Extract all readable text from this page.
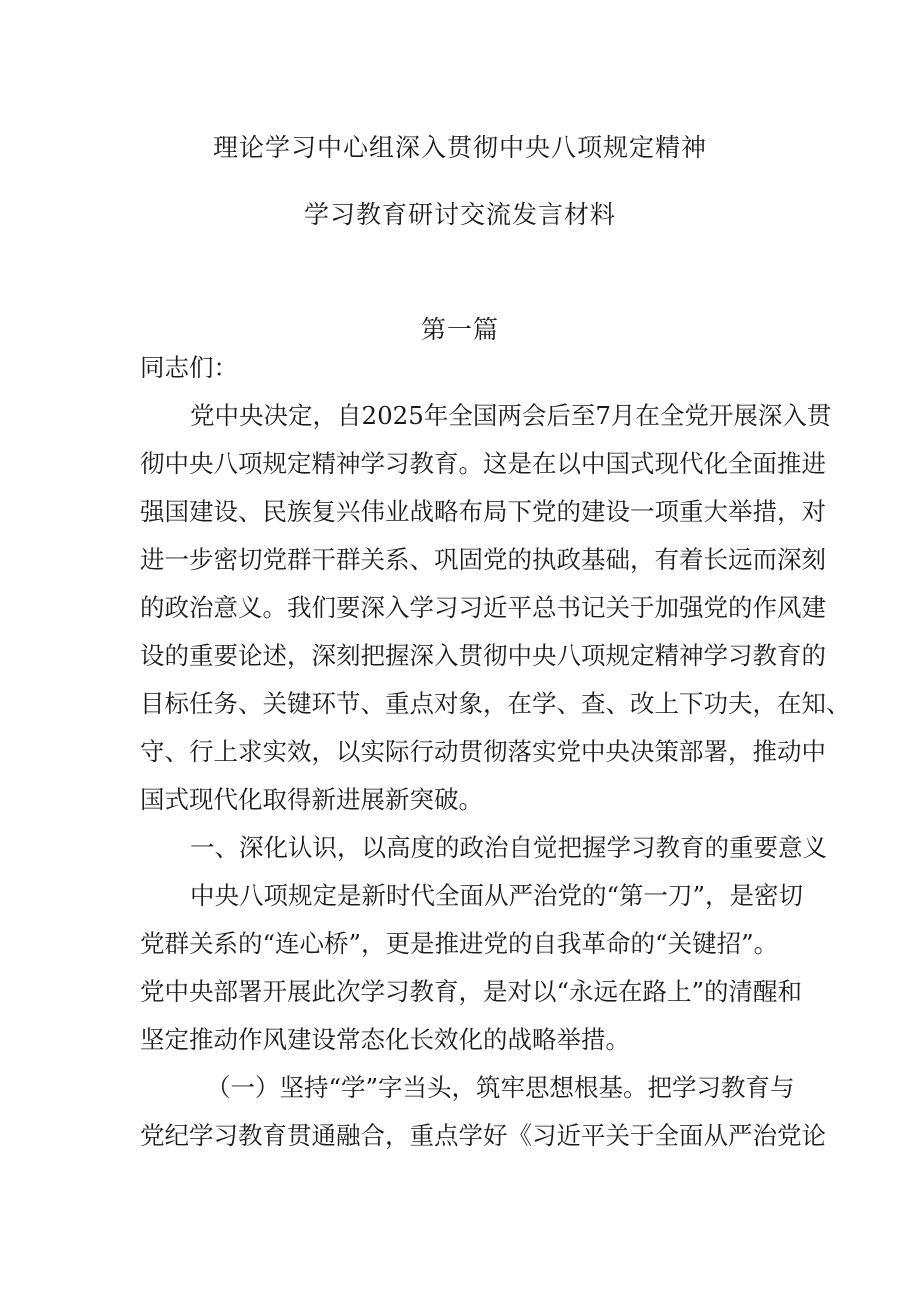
理论学习中心组深入贯彻中央八项规定精神
学习教育研讨交流发言材料
第一篇
同志们：
党中央决定，自2025年全国两会后至7月在全党开展深入贯
彻中央八项规定精神学习教育。这是在以中国式现代化全面推进
强国建设、民族复兴伟业战略布局下党的建设一项重大举措，对
进一步密切党群干群关系、巩固党的执政基础，有着长远而深刻
的政治意义。我们要深入学习习近平总书记关于加强党的作风建
设的重要论述，深刻把握深入贯彻中央八项规定精神学习教育的
目标任务、关键环节、重点对象，在学、查、改上下功夫，在知、
守、行上求实效，以实际行动贯彻落实党中央决策部署，推动中
国式现代化取得新进展新突破。
一、深化认识，以高度的政治自觉把握学习教育的重要意义
中央八项规定是新时代全面从严治党的“第一刀”，是密切
党群关系的“连心桥”，更是推进党的自我革命的“关键招”。
党中央部署开展此次学习教育，是对以“永远在路上”的清醒和
坚定推动作风建设常态化长效化的战略举措。
（一）坚持“学”字当头，筑牢思想根基。把学习教育与
党纪学习教育贯通融合，重点学好《习近平关于全面从严治党论
